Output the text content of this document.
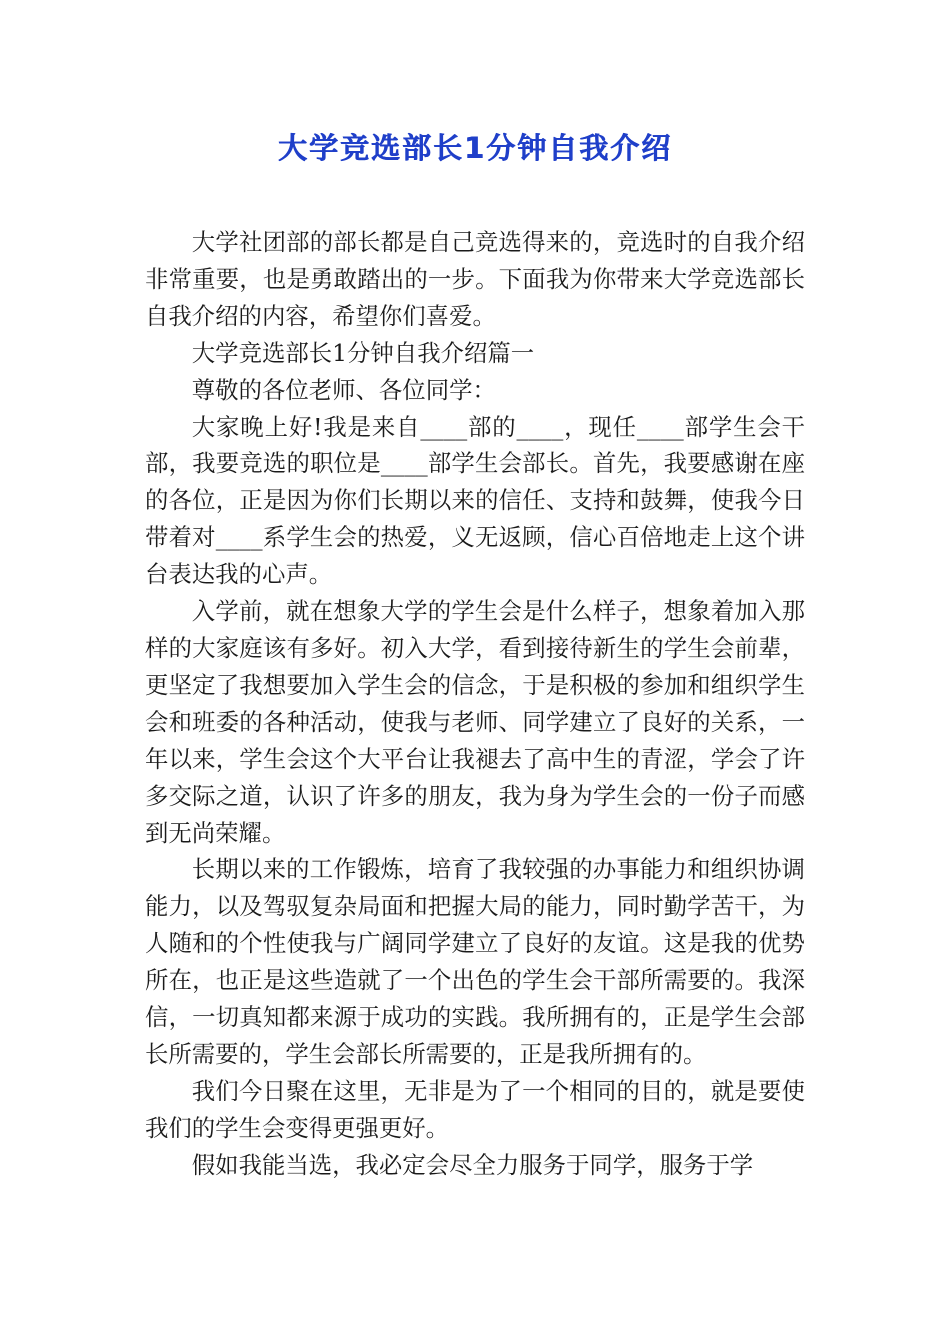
大学竞选部长1分钟自我介绍

大学社团部的部长都是自己竞选得来的，竞选时的自我介绍非常重要，也是勇敢踏出的一步。下面我为你带来大学竞选部长自我介绍的内容，希望你们喜爱。

大学竞选部长1分钟自我介绍篇一

尊敬的各位老师、各位同学：

大家晚上好!我是来自____部的____，现任____部学生会干部，我要竞选的职位是____部学生会部长。首先，我要感谢在座的各位，正是因为你们长期以来的信任、支持和鼓舞，使我今日带着对____系学生会的热爱，义无返顾，信心百倍地走上这个讲台表达我的心声。

入学前，就在想象大学的学生会是什么样子，想象着加入那样的大家庭该有多好。初入大学，看到接待新生的学生会前辈，更坚定了我想要加入学生会的信念，于是积极的参加和组织学生会和班委的各种活动，使我与老师、同学建立了良好的关系，一年以来，学生会这个大平台让我褪去了高中生的青涩，学会了许多交际之道，认识了许多的朋友，我为身为学生会的一份子而感到无尚荣耀。

长期以来的工作锻炼，培育了我较强的办事能力和组织协调能力，以及驾驭复杂局面和把握大局的能力，同时勤学苦干，为人随和的个性使我与广阔同学建立了良好的友谊。这是我的优势所在，也正是这些造就了一个出色的学生会干部所需要的。我深信，一切真知都来源于成功的实践。我所拥有的，正是学生会部长所需要的，学生会部长所需要的，正是我所拥有的。

我们今日聚在这里，无非是为了一个相同的目的，就是要使我们的学生会变得更强更好。

假如我能当选，我必定会尽全力服务于同学，服务于学
